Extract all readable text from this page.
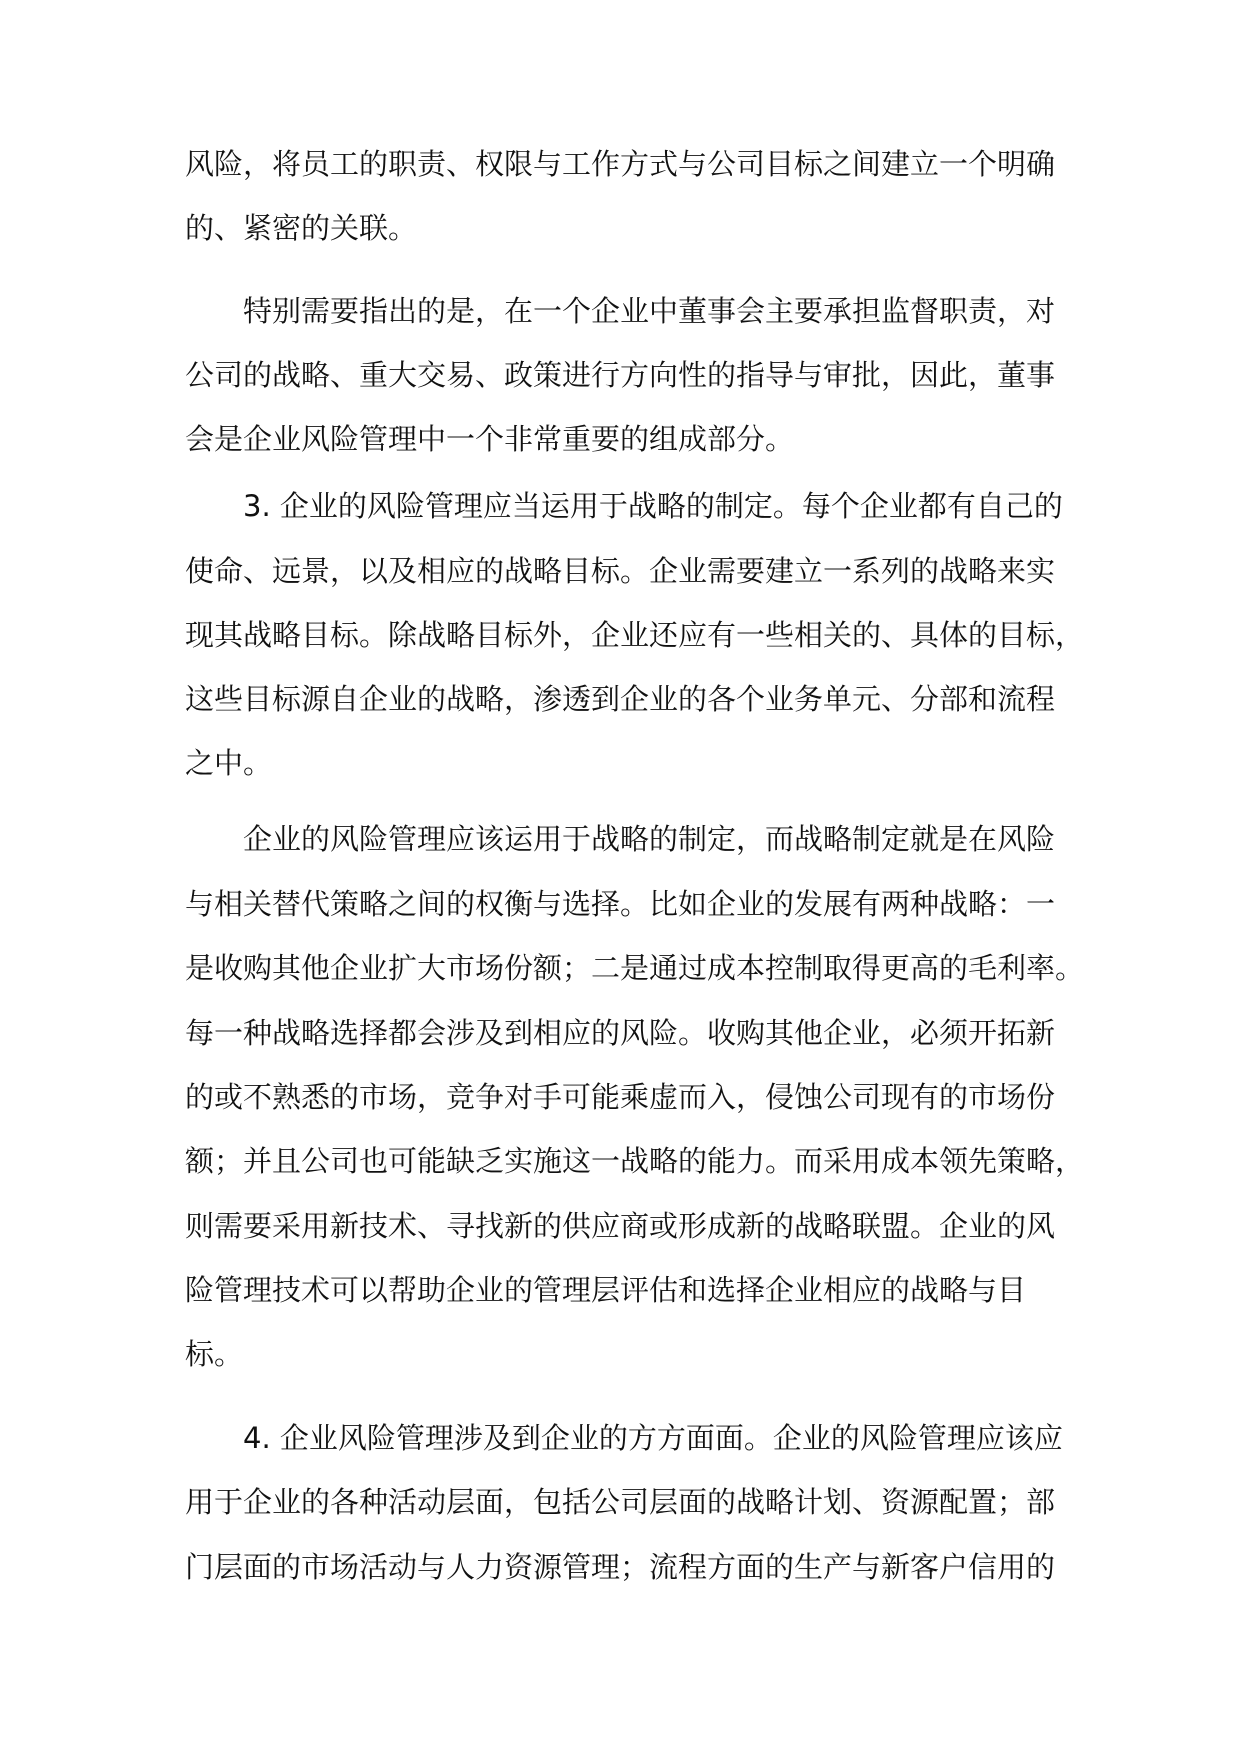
风险，将员工的职责、权限与工作方式与公司目标之间建立一个明确

的、紧密的关联。

特别需要指出的是，在一个企业中董事会主要承担监督职责，对

公司的战略、重大交易、政策进行方向性的指导与审批，因此，董事

会是企业风险管理中一个非常重要的组成部分。

3. 企业的风险管理应当运用于战略的制定。每个企业都有自己的

使命、远景，以及相应的战略目标。企业需要建立一系列的战略来实

现其战略目标。除战略目标外，企业还应有一些相关的、具体的目标，

这些目标源自企业的战略，渗透到企业的各个业务单元、分部和流程

之中。

企业的风险管理应该运用于战略的制定，而战略制定就是在风险

与相关替代策略之间的权衡与选择。比如企业的发展有两种战略：一

是收购其他企业扩大市场份额；二是通过成本控制取得更高的毛利率。

每一种战略选择都会涉及到相应的风险。收购其他企业，必须开拓新

的或不熟悉的市场，竞争对手可能乘虚而入，侵蚀公司现有的市场份

额；并且公司也可能缺乏实施这一战略的能力。而采用成本领先策略，

则需要采用新技术、寻找新的供应商或形成新的战略联盟。企业的风

险管理技术可以帮助企业的管理层评估和选择企业相应的战略与目

标。

4. 企业风险管理涉及到企业的方方面面。企业的风险管理应该应

用于企业的各种活动层面，包括公司层面的战略计划、资源配置；部

门层面的市场活动与人力资源管理；流程方面的生产与新客户信用的
